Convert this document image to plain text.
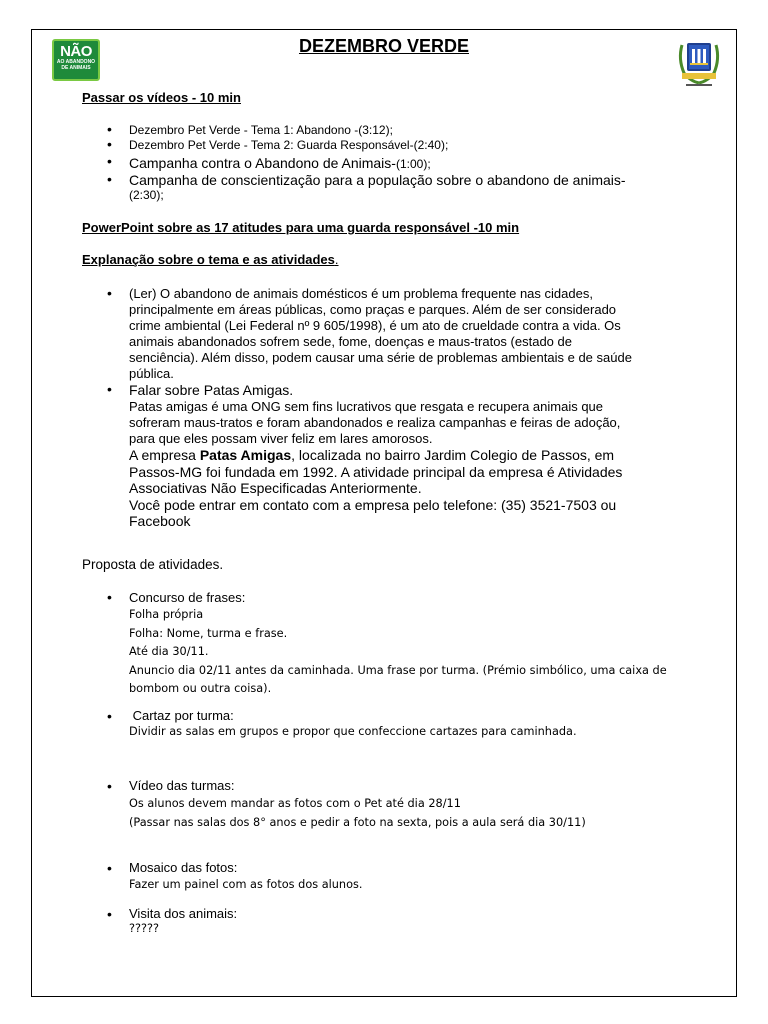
NÃO
AO ABANDONO
DE ANIMAIS
DEZEMBRO VERDE
Passar os vídeos - 10 min
• Dezembro Pet Verde - Tema 1: Abandono -(3:12);
• Dezembro Pet Verde - Tema 2: Guarda Responsável-(2:40);
• Campanha contra o Abandono de Animais-(1:00);
• Campanha de conscientização para a população sobre o abandono de animais-
(2:30);
PowerPoint sobre as 17 atitudes para uma guarda responsável -10 min
Explanação sobre o tema e as atividades.
• (Ler) O abandono de animais domésticos é um problema frequente nas cidades,
principalmente em áreas públicas, como praças e parques. Além de ser considerado
crime ambiental (Lei Federal nº 9 605/1998), é um ato de crueldade contra a vida. Os
animais abandonados sofrem sede, fome, doenças e maus-tratos (estado de
senciência). Além disso, podem causar uma série de problemas ambientais e de saúde
pública.
• Falar sobre Patas Amigas.
Patas amigas é uma ONG sem fins lucrativos que resgata e recupera animais que
sofreram maus-tratos e foram abandonados e realiza campanhas e feiras de adoção,
para que eles possam viver feliz em lares amorosos.
A empresa Patas Amigas, localizada no bairro Jardim Colegio de Passos, em
Passos-MG foi fundada em 1992. A atividade principal da empresa é Atividades
Associativas Não Especificadas Anteriormente.
Você pode entrar em contato com a empresa pelo telefone: (35) 3521-7503 ou
Facebook
Proposta de atividades.
• Concurso de frases:
Folha própria
Folha: Nome, turma e frase.
Até dia 30/11.
Anuncio dia 02/11 antes da caminhada. Uma frase por turma. (Prémio simbólico, uma caixa de
bombom ou outra coisa).
• Cartaz por turma:
Dividir as salas em grupos e propor que confeccione cartazes para caminhada.
• Vídeo das turmas:
Os alunos devem mandar as fotos com o Pet até dia 28/11
(Passar nas salas dos 8° anos e pedir a foto na sexta, pois a aula será dia 30/11)
• Mosaico das fotos:
Fazer um painel com as fotos dos alunos.
• Visita dos animais:
?????
